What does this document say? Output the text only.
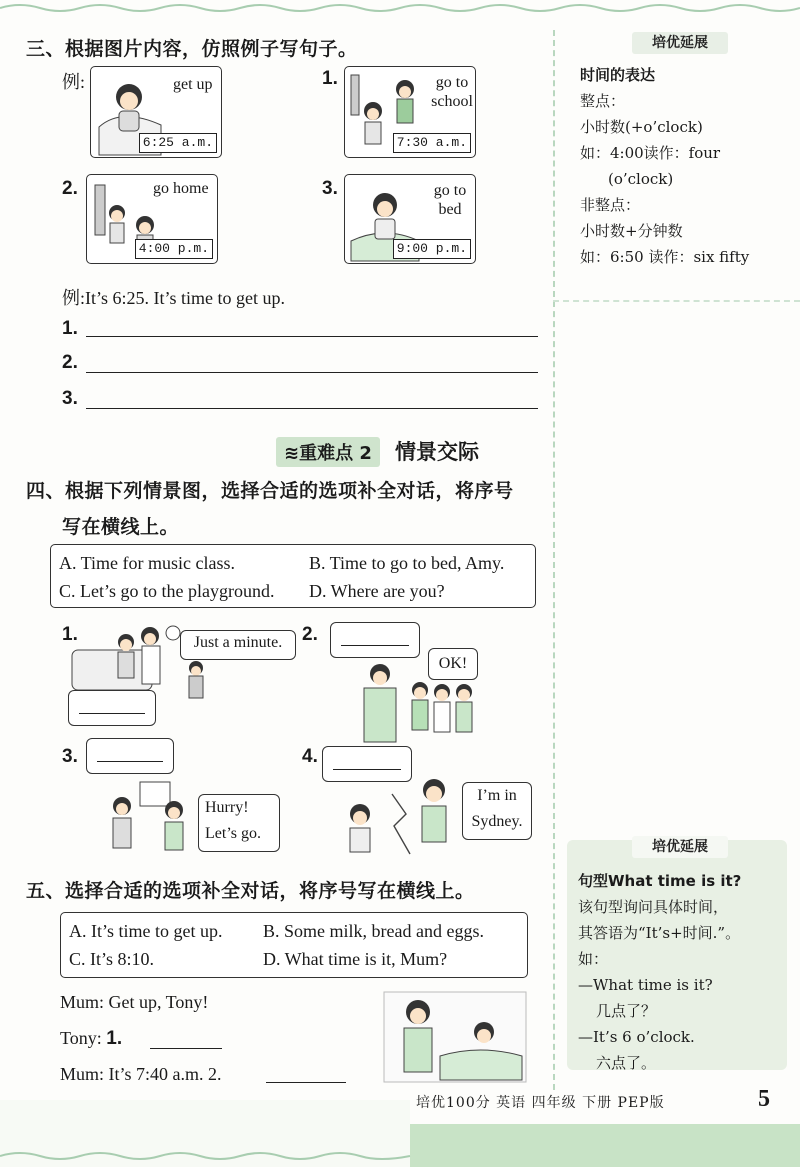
三、根据图片内容，仿照例子写句子。
例:	get up
6:25 a.m.
1.	go to school
7:30 a.m.
2.	go home
4:00 p.m.
3.	go to bed
9:00 p.m.
例:It’s 6:25. It’s time to get up.
1.
2.
3.
培优延展
时间的表达
整点：
小时数(+o’clock)
如：4:00读作：four
(o’clock)
非整点：
小时数+分钟数
如：6:50 读作：six fifty
≋重难点 2 情景交际
四、根据下列情景图，选择合适的选项补全对话，将序号
写在横线上。
A. Time for music class.	B. Time to go to bed, Amy.
C. Let’s go to the playground. D. Where are you?
1.	Just a minute.	2.
OK!
3.
Hurry! Let’s go.
4.
I’m in Sydney.
五、选择合适的选项补全对话，将序号写在横线上。
A. It’s time to get up. B. Some milk, bread and eggs.
C. It’s 8:10.	D. What time is it, Mum?
Mum: Get up, Tony!
Tony: 1.
Mum: It’s 7:40 a.m. 2.
培优延展
句型What time is it?
该句型询问具体时间，
其答语为“It’s+时间.”。
如：
—What time is it?
几点了？
—It’s 6 o’clock.
六点了。
培优100分 英语 四年级 下册 PEP版	5
